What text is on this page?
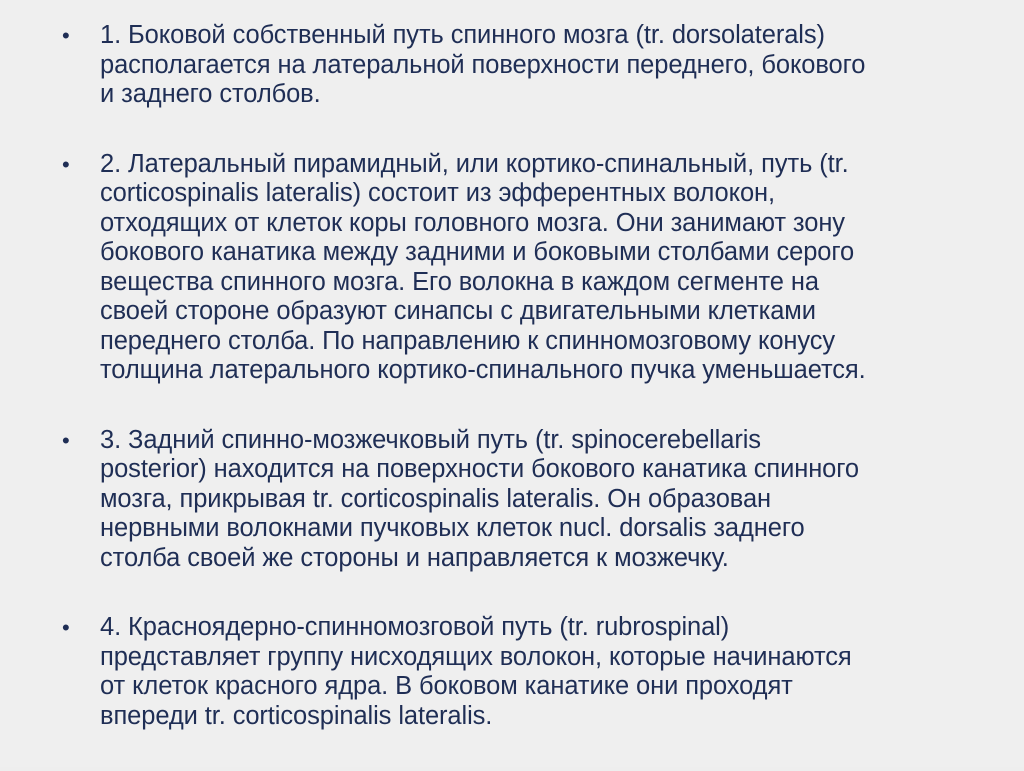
•	1. Боковой собственный путь спинного мозга (tr. dorsolaterals)
располагается на латеральной поверхности переднего, бокового
и заднего столбов.
•	2. Латеральный пирамидный, или кортико-спинальный, путь (tr.
corticospinalis lateralis) состоит из эфферентных волокон,
отходящих от клеток коры головного мозга. Они занимают зону
бокового канатика между задними и боковыми столбами серого
вещества спинного мозга. Его волокна в каждом сегменте на
своей стороне образуют синапсы с двигательными клетками
переднего столба. По направлению к спинномозговому конусу
толщина латерального кортико-спинального пучка уменьшается.
•	3. Задний спинно-мозжечковый путь (tr. spinocerebellaris
posterior) находится на поверхности бокового канатика спинного
мозга, прикрывая tr. corticospinalis lateralis. Он образован
нервными волокнами пучковых клеток nucl. dorsalis заднего
столба своей же стороны и направляется к мозжечку.
•	4. Красноядерно-спинномозговой путь (tr. rubrospinal)
представляет группу нисходящих волокон, которые начинаются
от клеток красного ядра. В боковом канатике они проходят
впереди tr. corticospinalis lateralis.
